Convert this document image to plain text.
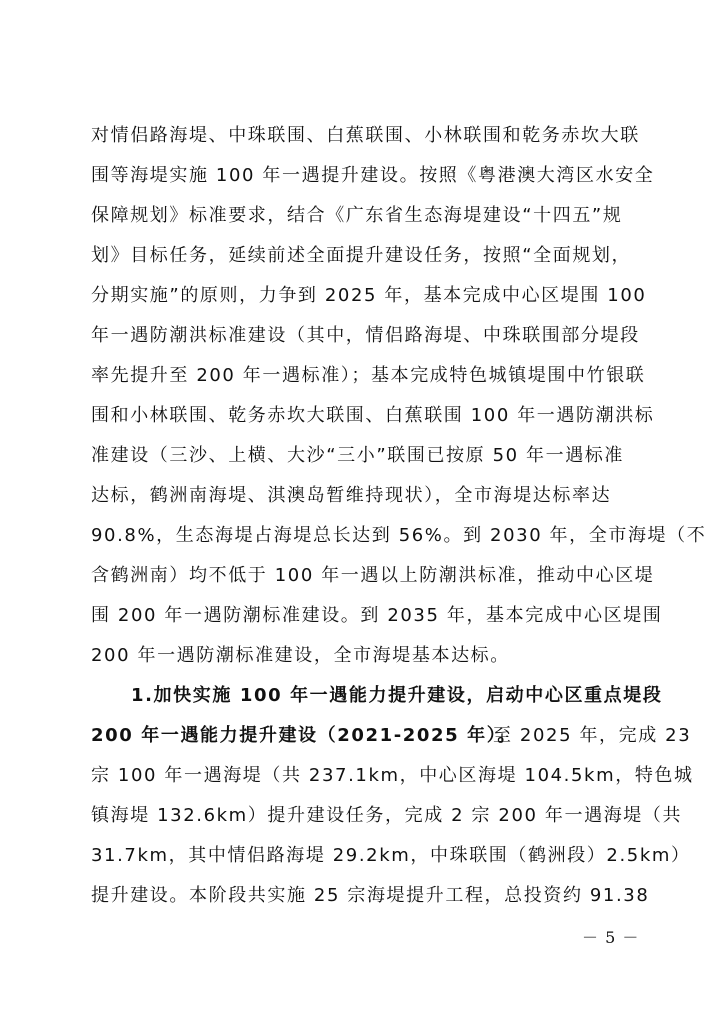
对情侣路海堤、中珠联围、白蕉联围、小林联围和乾务赤坎大联
围等海堤实施 100 年一遇提升建设。按照《粤港澳大湾区水安全
保障规划》标准要求，结合《广东省生态海堤建设“十四五”规
划》目标任务，延续前述全面提升建设任务，按照“全面规划，
分期实施”的原则，力争到 2025 年，基本完成中心区堤围 100
年一遇防潮洪标准建设（其中，情侣路海堤、中珠联围部分堤段
率先提升至 200 年一遇标准）；基本完成特色城镇堤围中竹银联
围和小林联围、乾务赤坎大联围、白蕉联围 100 年一遇防潮洪标
准建设（三沙、上横、大沙“三小”联围已按原 50 年一遇标准
达标，鹤洲南海堤、淇澳岛暂维持现状），全市海堤达标率达
90.8%，生态海堤占海堤总长达到 56%。到 2030 年，全市海堤（不
含鹤洲南）均不低于 100 年一遇以上防潮洪标准，推动中心区堤
围 200 年一遇防潮标准建设。到 2035 年，基本完成中心区堤围
200 年一遇防潮标准建设，全市海堤基本达标。
1.加快实施 100 年一遇能力提升建设，启动中心区重点堤段
200 年一遇能力提升建设（2021-2025 年）。
至 2025 年，完成 23
宗 100 年一遇海堤（共 237.1km，中心区海堤 104.5km，特色城
镇海堤 132.6km）提升建设任务，完成 2 宗 200 年一遇海堤（共
31.7km，其中情侣路海堤 29.2km，中珠联围（鹤洲段）2.5km）
提升建设。本阶段共实施 25 宗海堤提升工程，总投资约 91.38
－ 5 －
